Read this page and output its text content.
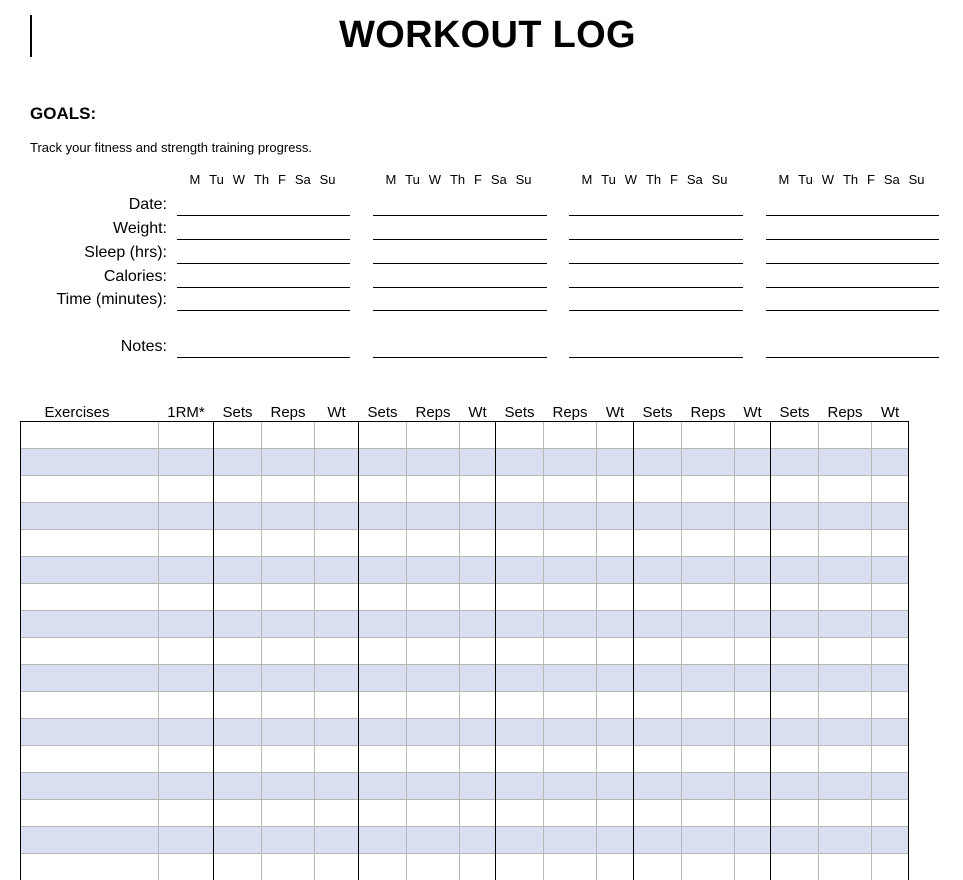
WORKOUT LOG
GOALS:
Track your fitness and strength training progress.
M Tu W Th F Sa Su	M Tu W Th F Sa Su	M Tu W Th F Sa Su	M Tu W Th F Sa Su
Date:
Weight:
Sleep (hrs):
Calories:
Time (minutes):
Notes:
Exercises	1RM*	Sets	Reps	Wt	Sets	Reps	Wt	Sets	Reps	Wt	Sets	Reps	Wt	Sets	Reps	Wt
